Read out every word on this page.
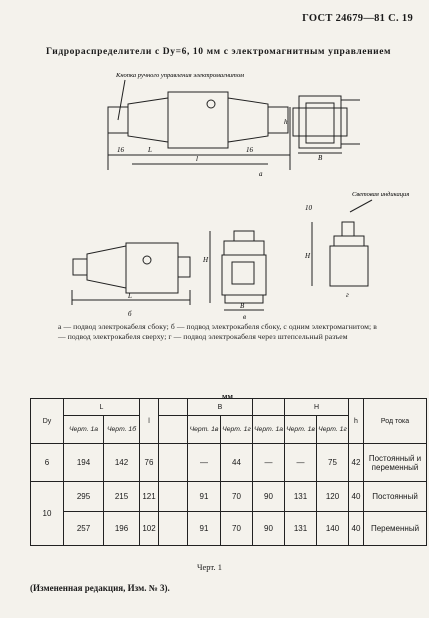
ГОСТ 24679—81 С. 19
Гидрораспределители с Dy=6, 10 мм с электромагнитным управлением
Кнопка ручного управления электромагнитом
Световая индикация
16	L
l
16
a
h
B
L
б
H
B
в
10
H
г
а — подвод электрокабеля сбоку; б — подвод электрокабеля сбоку, с одним электромагнитом; в — подвод электрокабеля сверху; г — подвод электрокабеля через штепсельный разъем
мм
Dy	L		l		B			H		h	Род тока
	Черт. 1а	Черт. 1б			Черт. 1в	Черт. 1г	Черт. 1а	Черт. 1в	Черт. 1г		
6	194	142	76		—	44	—	—	75	42	Постоянный и переменный
10	295	215	121		91	70	90	131	120	40	Постоянный
	257	196	102		91	70	90	131	140	40	Переменный
Черт. 1
(Измененная редакция, Изм. № 3).
